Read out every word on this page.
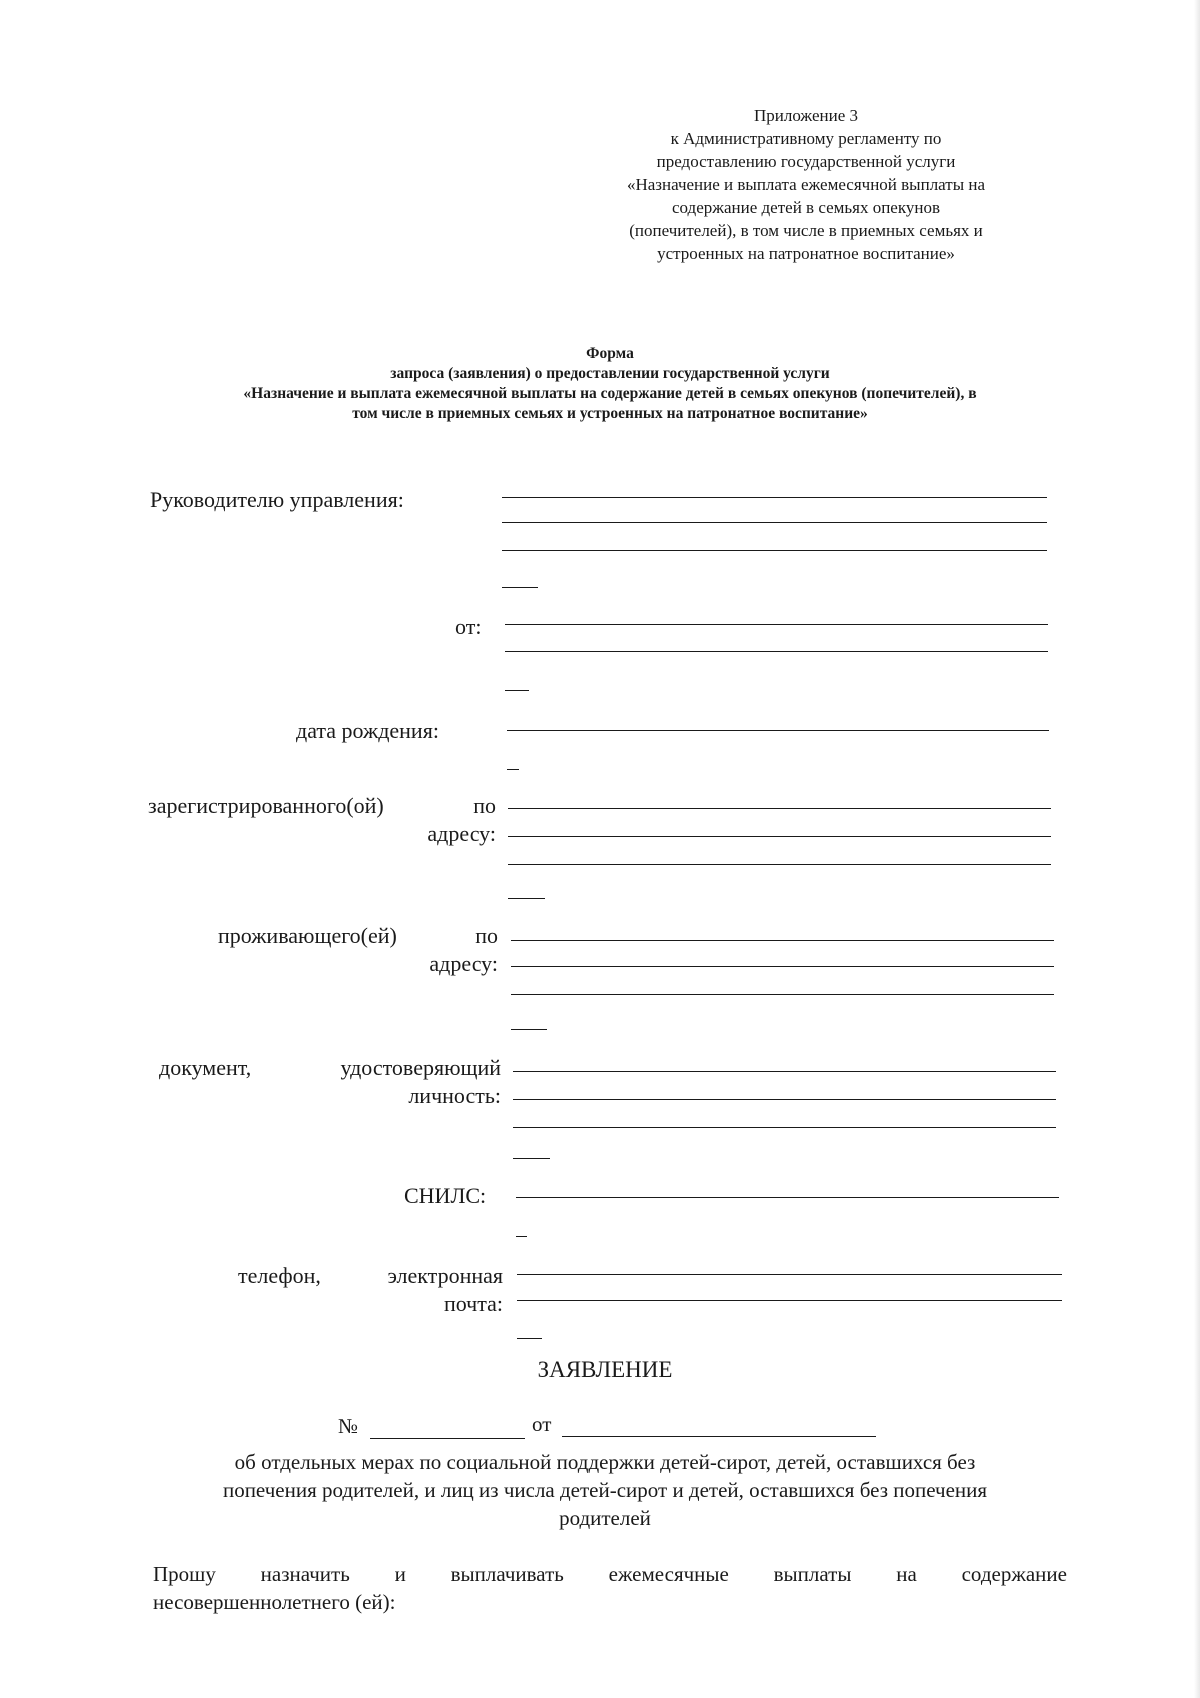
Приложение 3
к Административному регламенту по
предоставлению государственной услуги
«Назначение и выплата ежемесячной выплаты на
содержание детей в семьях опекунов
(попечителей), в том числе в приемных семьях и
устроенных на патронатное воспитание»
Форма
запроса (заявления) о предоставлении государственной услуги
«Назначение и выплата ежемесячной выплаты на содержание детей в семьях опекунов (попечителей), в
том числе в приемных семьях и устроенных на патронатное воспитание»
Руководителю управления:
от:
дата рождения:
зарегистрированного(ой)	по
адресу:
проживающего(ей)	по
адресу:
документ,	удостоверяющий
личность:
СНИЛС:
телефон,	электронная
почта:
ЗАЯВЛЕНИЕ
№	от
об отдельных мерах по социальной поддержки детей-сирот, детей, оставшихся без
попечения родителей, и лиц из числа детей-сирот и детей, оставшихся без попечения
родителей
Прошу назначить и выплачивать ежемесячные выплаты на содержание
несовершеннолетнего (ей):
